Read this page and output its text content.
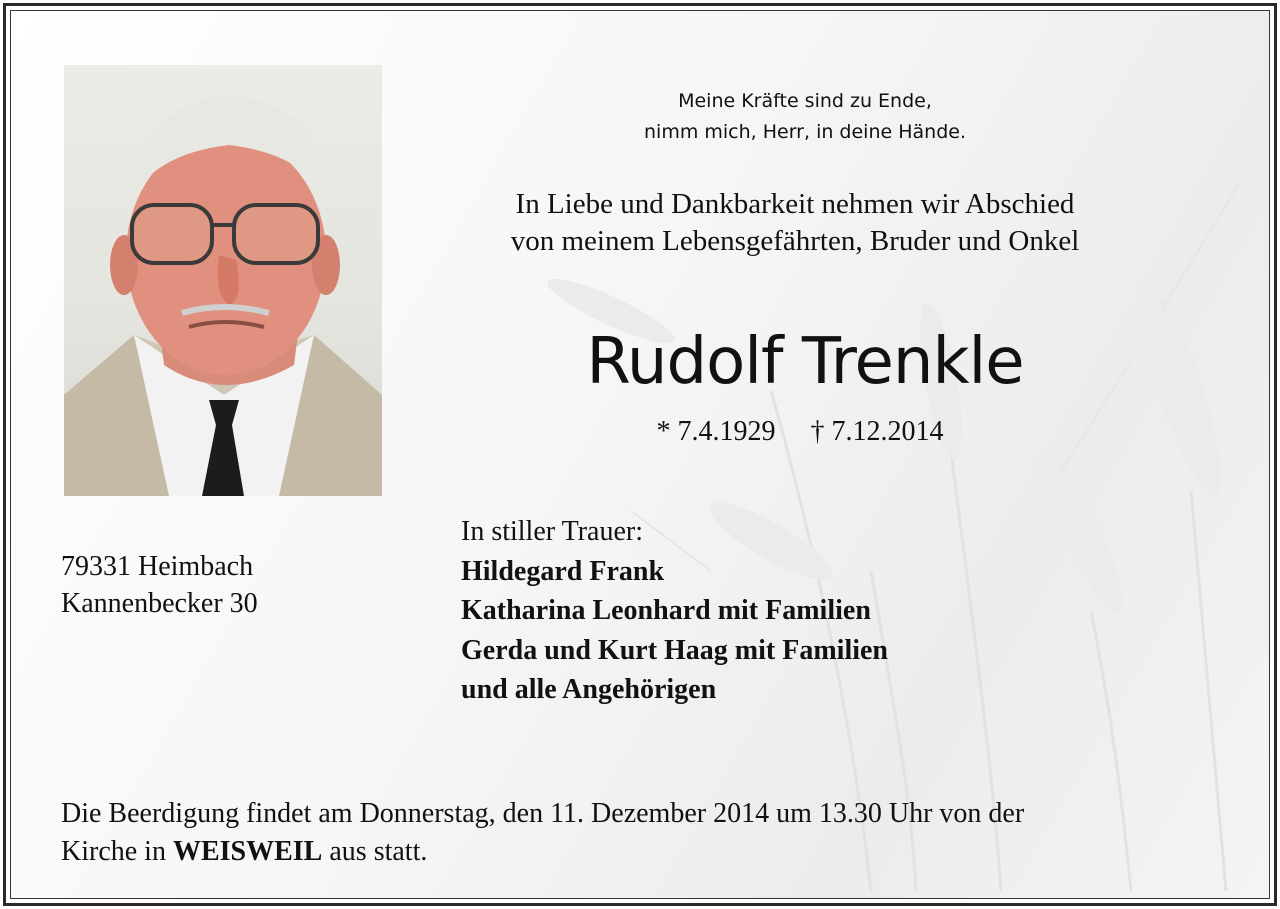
Meine Kräfte sind zu Ende,
nimm mich, Herr, in deine Hände.
In Liebe und Dankbarkeit nehmen wir Abschied
von meinem Lebensgefährten, Bruder und Onkel
Rudolf Trenkle
* 7.4.1929 † 7.12.2014
79331 Heimbach
Kannenbecker 30
In stiller Trauer:
Hildegard Frank
Katharina Leonhard mit Familien
Gerda und Kurt Haag mit Familien
und alle Angehörigen
Die Beerdigung findet am Donnerstag, den 11. Dezember 2014 um 13.30 Uhr von der
Kirche in WEISWEIL aus statt.
